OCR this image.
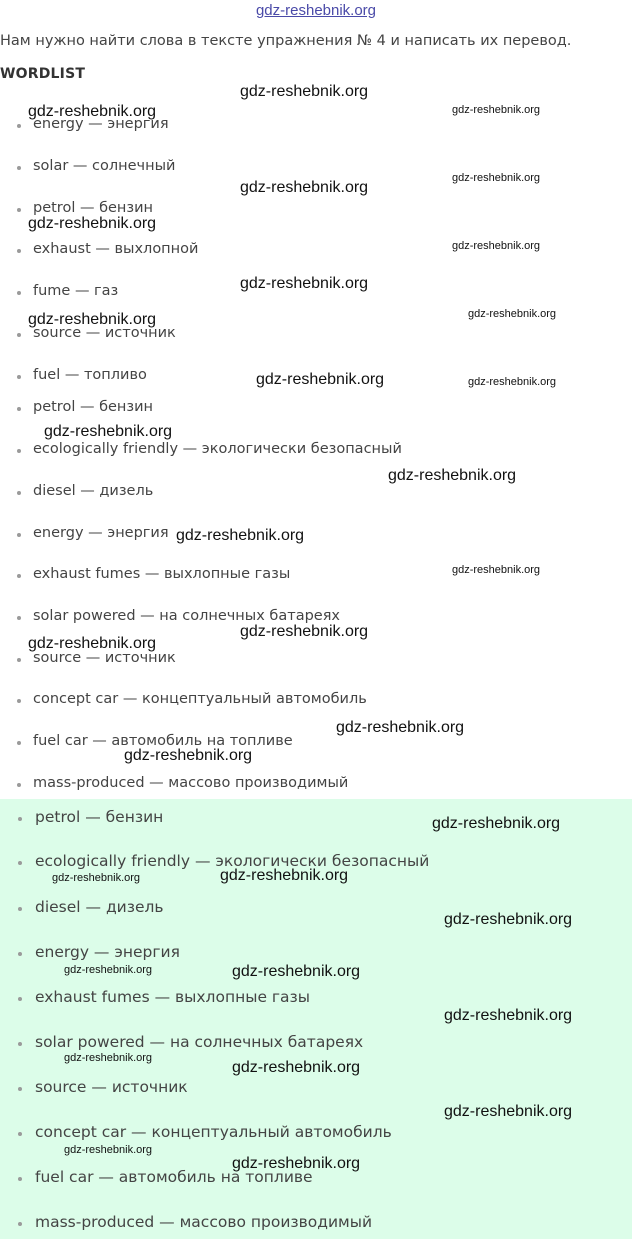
gdz-reshebnik.org
Нам нужно найти слова в тексте упражнения № 4 и написать их перевод.
WORDLIST
energy — энергия
solar — солнечный
petrol — бензин
exhaust — выхлопной
fume — газ
source — источник
fuel — топливо
petrol — бензин
ecologically friendly — экологически безопасный
diesel — дизель
energy — энергия
exhaust fumes — выхлопные газы
solar powered — на солнечных батареях
source — источник
concept car — концептуальный автомобиль
fuel car — автомобиль на топливе
mass-produced — массово производимый
petrol — бензин
ecologically friendly — экологически безопасный
diesel — дизель
energy — энергия
exhaust fumes — выхлопные газы
solar powered — на солнечных батареях
source — источник
concept car — концептуальный автомобиль
fuel car — автомобиль на топливе
mass-produced — массово производимый
gdz-reshebnik.org
gdz-reshebnik.org	gdz-reshebnik.org
gdz-reshebnik.org
gdz-reshebnik.org
gdz-reshebnik.org
gdz-reshebnik.org
gdz-reshebnik.org
gdz-reshebnik.org
gdz-reshebnik.org
gdz-reshebnik.org	gdz-reshebnik.org
gdz-reshebnik.org
gdz-reshebnik.org
gdz-reshebnik.org
gdz-reshebnik.org
gdz-reshebnik.org
gdz-reshebnik.org
gdz-reshebnik.org
gdz-reshebnik.org
gdz-reshebnik.org
gdz-reshebnik.org	gdz-reshebnik.org
gdz-reshebnik.org
gdz-reshebnik.org	gdz-reshebnik.org
gdz-reshebnik.org
gdz-reshebnik.org
gdz-reshebnik.org
gdz-reshebnik.org
gdz-reshebnik.org
gdz-reshebnik.org
